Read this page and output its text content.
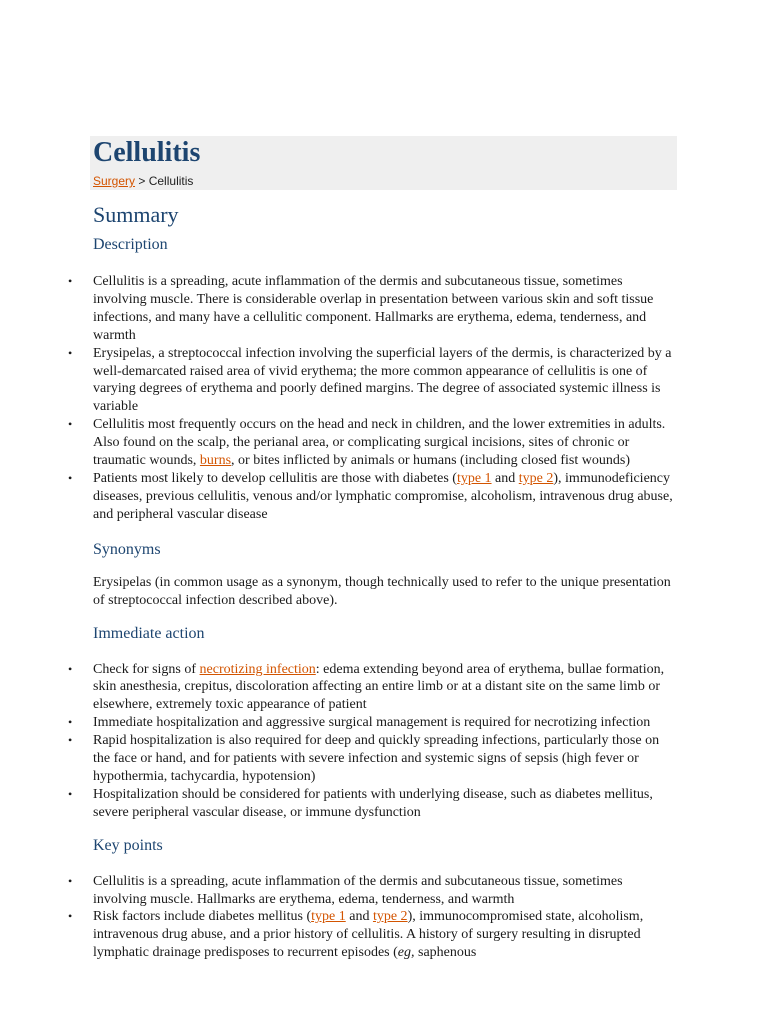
Cellulitis
Surgery > Cellulitis
Summary
Description
• Cellulitis is a spreading, acute inflammation of the dermis and subcutaneous tissue, sometimes involving muscle. There is considerable overlap in presentation between various skin and soft tissue infections, and many have a cellulitic component. Hallmarks are erythema, edema, tenderness, and warmth
• Erysipelas, a streptococcal infection involving the superficial layers of the dermis, is characterized by a well-demarcated raised area of vivid erythema; the more common appearance of cellulitis is one of varying degrees of erythema and poorly defined margins. The degree of associated systemic illness is variable
• Cellulitis most frequently occurs on the head and neck in children, and the lower extremities in adults. Also found on the scalp, the perianal area, or complicating surgical incisions, sites of chronic or traumatic wounds, burns, or bites inflicted by animals or humans (including closed fist wounds)
• Patients most likely to develop cellulitis are those with diabetes (type 1 and type 2), immunodeficiency diseases, previous cellulitis, venous and/or lymphatic compromise, alcoholism, intravenous drug abuse, and peripheral vascular disease
Synonyms

Erysipelas (in common usage as a synonym, though technically used to refer to the unique presentation of streptococcal infection described above).

Immediate action
• Check for signs of necrotizing infection: edema extending beyond area of erythema, bullae formation, skin anesthesia, crepitus, discoloration affecting an entire limb or at a distant site on the same limb or elsewhere, extremely toxic appearance of patient
• Immediate hospitalization and aggressive surgical management is required for necrotizing infection
• Rapid hospitalization is also required for deep and quickly spreading infections, particularly those on the face or hand, and for patients with severe infection and systemic signs of sepsis (high fever or hypothermia, tachycardia, hypotension)
• Hospitalization should be considered for patients with underlying disease, such as diabetes mellitus, severe peripheral vascular disease, or immune dysfunction
Key points
• Cellulitis is a spreading, acute inflammation of the dermis and subcutaneous tissue, sometimes involving muscle. Hallmarks are erythema, edema, tenderness, and warmth
• Risk factors include diabetes mellitus (type 1 and type 2), immunocompromised state, alcoholism, intravenous drug abuse, and a prior history of cellulitis. A history of surgery resulting in disrupted lymphatic drainage predisposes to recurrent episodes (eg, saphenous
